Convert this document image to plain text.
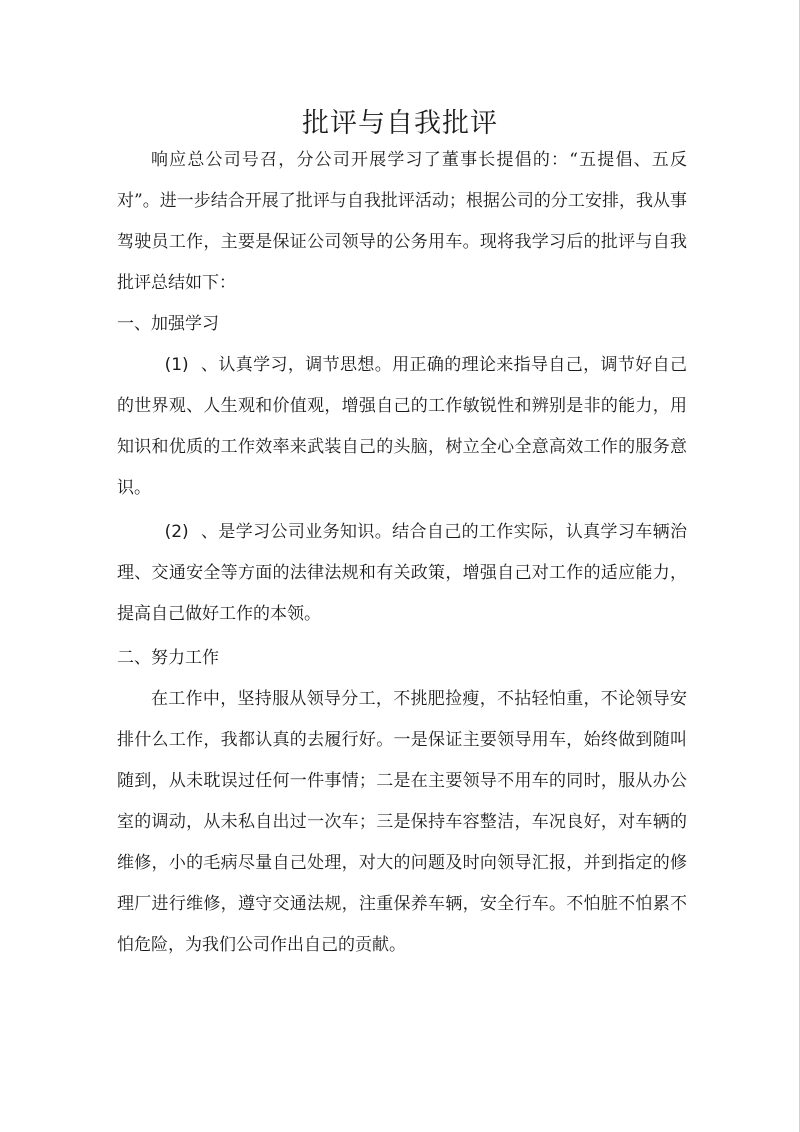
批评与自我批评

响应总公司号召，分公司开展学习了董事长提倡的：“五提倡、五反对”。进一步结合开展了批评与自我批评活动；根据公司的分工安排，我从事驾驶员工作，主要是保证公司领导的公务用车。现将我学习后的批评与自我批评总结如下：

一、加强学习

(1) 、认真学习，调节思想。用正确的理论来指导自己，调节好自己的世界观、人生观和价值观，增强自己的工作敏锐性和辨别是非的能力，用知识和优质的工作效率来武装自己的头脑，树立全心全意高效工作的服务意识。

(2) 、是学习公司业务知识。结合自己的工作实际，认真学习车辆治理、交通安全等方面的法律法规和有关政策，增强自己对工作的适应能力，提高自己做好工作的本领。

二、努力工作

在工作中，坚持服从领导分工，不挑肥捡瘦，不拈轻怕重，不论领导安排什么工作，我都认真的去履行好。一是保证主要领导用车，始终做到随叫随到，从未耽误过任何一件事情；二是在主要领导不用车的同时，服从办公室的调动，从未私自出过一次车；三是保持车容整洁，车况良好，对车辆的维修，小的毛病尽量自己处理，对大的问题及时向领导汇报，并到指定的修理厂进行维修，遵守交通法规，注重保养车辆，安全行车。不怕脏不怕累不怕危险，为我们公司作出自己的贡献。
